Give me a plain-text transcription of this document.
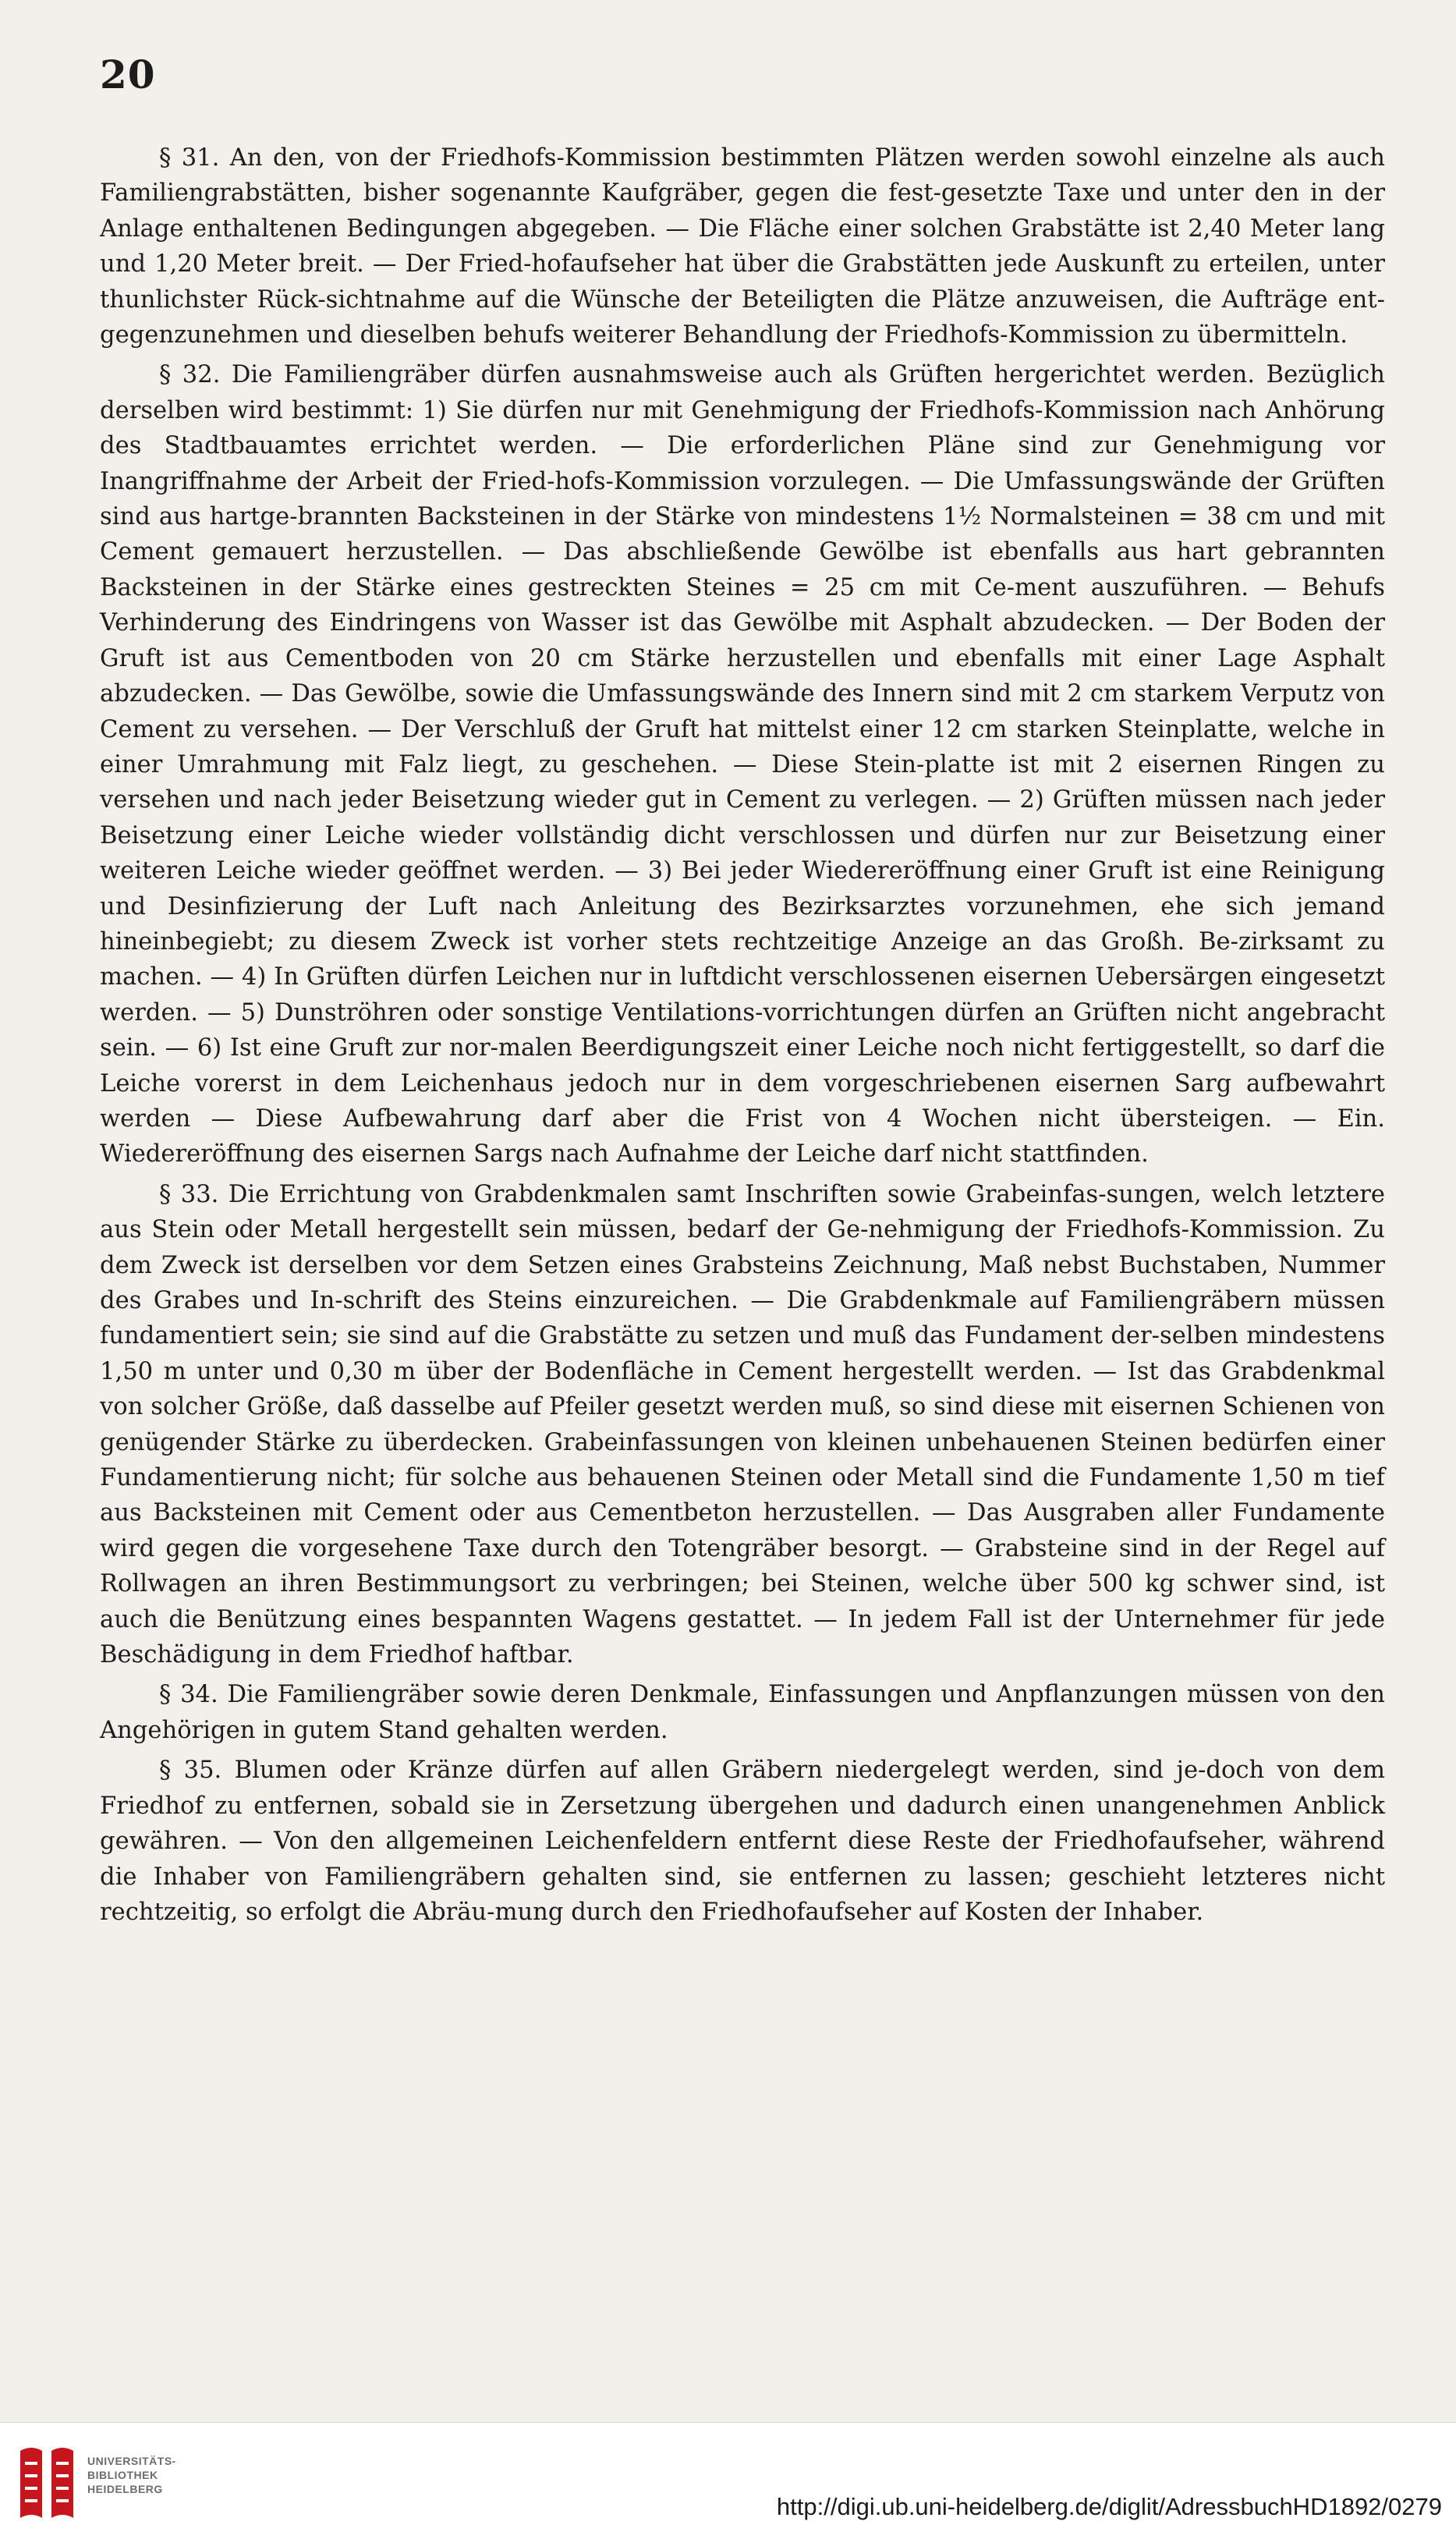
20

§ 31. An den, von der Friedhofs-Kommission bestimmten Plätzen werden sowohl einzelne als auch Familiengrabstätten, bisher sogenannte Kaufgräber, gegen die fest-gesetzte Taxe und unter den in der Anlage enthaltenen Bedingungen abgegeben. — Die Fläche einer solchen Grabstätte ist 2,40 Meter lang und 1,20 Meter breit. — Der Fried-hofaufseher hat über die Grabstätten jede Auskunft zu erteilen, unter thunlichster Rück-sichtnahme auf die Wünsche der Beteiligten die Plätze anzuweisen, die Aufträge ent-gegenzunehmen und dieselben behufs weiterer Behandlung der Friedhofs-Kommission zu übermitteln.

§ 32. Die Familiengräber dürfen ausnahmsweise auch als Grüften hergerichtet werden. Bezüglich derselben wird bestimmt: 1) Sie dürfen nur mit Genehmigung der Friedhofs-Kommission nach Anhörung des Stadtbauamtes errichtet werden. — Die erforderlichen Pläne sind zur Genehmigung vor Inangriffnahme der Arbeit der Fried-hofs-Kommission vorzulegen. — Die Umfassungswände der Grüften sind aus hartge-brannten Backsteinen in der Stärke von mindestens 1½ Normalsteinen = 38 cm und mit Cement gemauert herzustellen. — Das abschließende Gewölbe ist ebenfalls aus hart gebrannten Backsteinen in der Stärke eines gestreckten Steines = 25 cm mit Ce-ment auszuführen. — Behufs Verhinderung des Eindringens von Wasser ist das Gewölbe mit Asphalt abzudecken. — Der Boden der Gruft ist aus Cementboden von 20 cm Stärke herzustellen und ebenfalls mit einer Lage Asphalt abzudecken. — Das Gewölbe, sowie die Umfassungswände des Innern sind mit 2 cm starkem Verputz von Cement zu versehen. — Der Verschluß der Gruft hat mittelst einer 12 cm starken Steinplatte, welche in einer Umrahmung mit Falz liegt, zu geschehen. — Diese Stein-platte ist mit 2 eisernen Ringen zu versehen und nach jeder Beisetzung wieder gut in Cement zu verlegen. — 2) Grüften müssen nach jeder Beisetzung einer Leiche wieder vollständig dicht verschlossen und dürfen nur zur Beisetzung einer weiteren Leiche wieder geöffnet werden. — 3) Bei jeder Wiedereröffnung einer Gruft ist eine Reinigung und Desinfizierung der Luft nach Anleitung des Bezirksarztes vorzunehmen, ehe sich jemand hineinbegiebt; zu diesem Zweck ist vorher stets rechtzeitige Anzeige an das Großh. Be-zirksamt zu machen. — 4) In Grüften dürfen Leichen nur in luftdicht verschlossenen eisernen Uebersärgen eingesetzt werden. — 5) Dunströhren oder sonstige Ventilations-vorrichtungen dürfen an Grüften nicht angebracht sein. — 6) Ist eine Gruft zur nor-malen Beerdigungszeit einer Leiche noch nicht fertiggestellt, so darf die Leiche vorerst in dem Leichenhaus jedoch nur in dem vorgeschriebenen eisernen Sarg aufbewahrt werden — Diese Aufbewahrung darf aber die Frist von 4 Wochen nicht übersteigen. — Ein. Wiedereröffnung des eisernen Sargs nach Aufnahme der Leiche darf nicht stattfinden.

§ 33. Die Errichtung von Grabdenkmalen samt Inschriften sowie Grabeinfas-sungen, welch letztere aus Stein oder Metall hergestellt sein müssen, bedarf der Ge-nehmigung der Friedhofs-Kommission. Zu dem Zweck ist derselben vor dem Setzen eines Grabsteins Zeichnung, Maß nebst Buchstaben, Nummer des Grabes und In-schrift des Steins einzureichen. — Die Grabdenkmale auf Familiengräbern müssen fundamentiert sein; sie sind auf die Grabstätte zu setzen und muß das Fundament der-selben mindestens 1,50 m unter und 0,30 m über der Bodenfläche in Cement hergestellt werden. — Ist das Grabdenkmal von solcher Größe, daß dasselbe auf Pfeiler gesetzt werden muß, so sind diese mit eisernen Schienen von genügender Stärke zu überdecken. Grabeinfassungen von kleinen unbehauenen Steinen bedürfen einer Fundamentierung nicht; für solche aus behauenen Steinen oder Metall sind die Fundamente 1,50 m tief aus Backsteinen mit Cement oder aus Cementbeton herzustellen. — Das Ausgraben aller Fundamente wird gegen die vorgesehene Taxe durch den Totengräber besorgt. — Grabsteine sind in der Regel auf Rollwagen an ihren Bestimmungsort zu verbringen; bei Steinen, welche über 500 kg schwer sind, ist auch die Benützung eines bespannten Wagens gestattet. — In jedem Fall ist der Unternehmer für jede Beschädigung in dem Friedhof haftbar.

§ 34. Die Familiengräber sowie deren Denkmale, Einfassungen und Anpflanzungen müssen von den Angehörigen in gutem Stand gehalten werden.

§ 35. Blumen oder Kränze dürfen auf allen Gräbern niedergelegt werden, sind je-doch von dem Friedhof zu entfernen, sobald sie in Zersetzung übergehen und dadurch einen unangenehmen Anblick gewähren. — Von den allgemeinen Leichenfeldern entfernt diese Reste der Friedhofaufseher, während die Inhaber von Familiengräbern gehalten sind, sie entfernen zu lassen; geschieht letzteres nicht rechtzeitig, so erfolgt die Abräu-mung durch den Friedhofaufseher auf Kosten der Inhaber.

UNIVERSITÄTS-
BIBLIOTHEK
HEIDELBERG
http://digi.ub.uni-heidelberg.de/diglit/AdressbuchHD1892/0279
